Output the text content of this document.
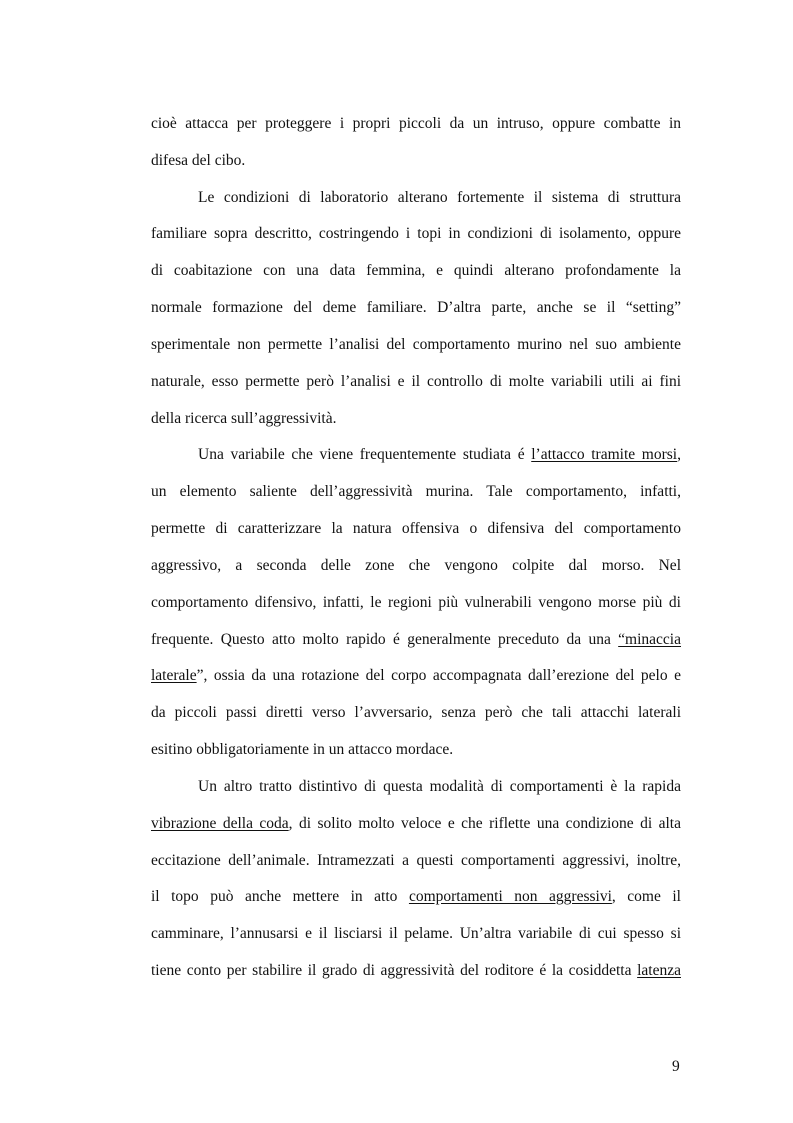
cioè attacca per proteggere i propri piccoli da un intruso, oppure combatte in
difesa del cibo.
Le condizioni di laboratorio alterano fortemente il sistema di struttura
familiare sopra descritto, costringendo i topi in condizioni di isolamento, oppure
di coabitazione con una data femmina, e quindi alterano profondamente la
normale formazione del deme familiare. D’altra parte, anche se il “setting”
sperimentale non permette l’analisi del comportamento murino nel suo ambiente
naturale, esso permette però l’analisi e il controllo di molte variabili utili ai fini
della ricerca sull’aggressività.
Una variabile che viene frequentemente studiata é l’attacco tramite morsi,
un elemento saliente dell’aggressività murina. Tale comportamento, infatti,
permette di caratterizzare la natura offensiva o difensiva del comportamento
aggressivo, a seconda delle zone che vengono colpite dal morso. Nel
comportamento difensivo, infatti, le regioni più vulnerabili vengono morse più di
frequente. Questo atto molto rapido é generalmente preceduto da una “minaccia
laterale”, ossia da una rotazione del corpo accompagnata dall’erezione del pelo e
da piccoli passi diretti verso l’avversario, senza però che tali attacchi laterali
esitino obbligatoriamente in un attacco mordace.
Un altro tratto distintivo di questa modalità di comportamenti è la rapida
vibrazione della coda, di solito molto veloce e che riflette una condizione di alta
eccitazione dell’animale. Intramezzati a questi comportamenti aggressivi, inoltre,
il topo può anche mettere in atto comportamenti non aggressivi, come il
camminare, l’annusarsi e il lisciarsi il pelame. Un’altra variabile di cui spesso si
tiene conto per stabilire il grado di aggressività del roditore é la cosiddetta latenza
9
